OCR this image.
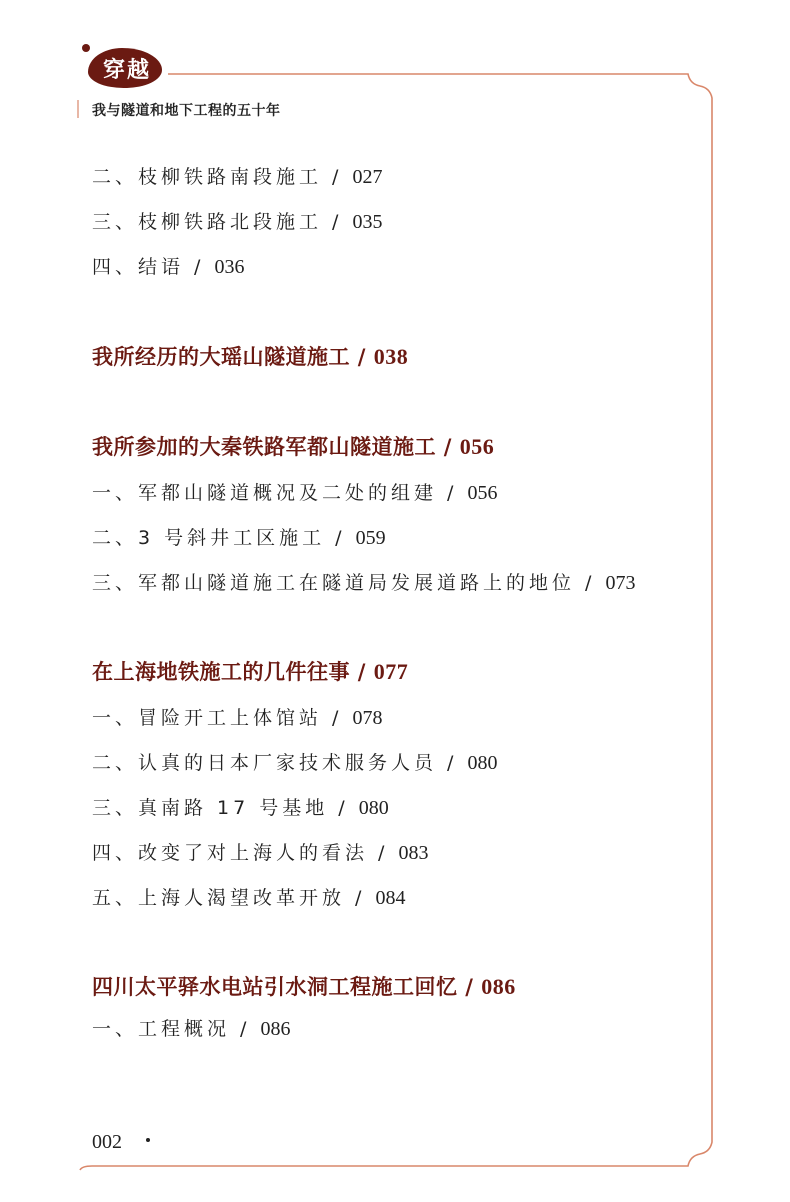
穿越
我与隧道和地下工程的五十年
二、枝柳铁路南段施工 / 027
三、枝柳铁路北段施工 / 035
四、结语 / 036
我所经历的大瑶山隧道施工 / 038
我所参加的大秦铁路军都山隧道施工 / 056
一、军都山隧道概况及二处的组建 / 056
二、3 号斜井工区施工 / 059
三、军都山隧道施工在隧道局发展道路上的地位 / 073
在上海地铁施工的几件往事 / 077
一、冒险开工上体馆站 / 078
二、认真的日本厂家技术服务人员 / 080
三、真南路 17 号基地 / 080
四、改变了对上海人的看法 / 083
五、上海人渴望改革开放 / 084
四川太平驿水电站引水洞工程施工回忆 / 086
一、工程概况 / 086
002
